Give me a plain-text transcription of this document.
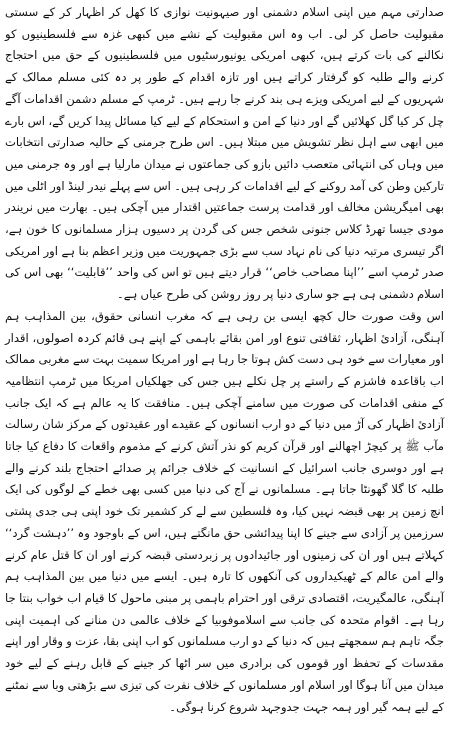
صدارتی مہم میں اپنی اسلام دشمنی اور صیہونیت نوازی کا کھل کر اظہار کر کے سستی مقبولیت حاصل کر لی۔ اب وہ اس مقبولیت کے نشے میں کبھی غزہ سے فلسطینیوں کو نکالنے کی بات کرتے ہیں، کبھی امریکی یونیورسٹیوں میں فلسطینیوں کے حق میں احتجاج کرنے والے طلبہ کو گرفتار کراتے ہیں اور تازہ اقدام کے طور پر دہ کئی مسلم ممالک کے شہریوں کے لیے امریکی ویزے ہی بند کرنے جا رہے ہیں۔ ٹرمپ کے مسلم دشمن اقدامات آگے چل کر کیا گل کھلائیں گے اور دنیا کے امن و استحکام کے لیے کیا مسائل پیدا کریں گے، اس بارے میں ابھی سے اہل نظر تشویش میں مبتلا ہیں۔ اس طرح جرمنی کے حالیہ صدارتی انتخابات میں وہاں کی انتہائی متعصب دائیں بازو کی جماعتوں نے میدان مارلیا ہے اور وہ جرمنی میں تارکین وطن کی آمد روکنے کے لیے اقدامات کر رہی ہیں۔ اس سے پہلے نیدر لینڈ اور اٹلی میں بھی امیگریشن مخالف اور قدامت پرست جماعتیں اقتدار میں آچکی ہیں۔ بھارت میں نریندر مودی جیسا تھرڈ کلاس جنونی شخص جس کی گردن پر دسیوں ہزار مسلمانوں کا خون ہے، اگر تیسری مرتبہ دنیا کی نام نہاد سب سے بڑی جمہوریت میں وزیر اعظم بنا ہے اور امریکی صدر ٹرمپ اسے ’’اپنا مصاحب خاص‘‘ قرار دیتے ہیں تو اس کی واحد ’’قابلیت‘‘ بھی اس کی اسلام دشمنی ہی ہے جو ساری دنیا پر روز روشن کی طرح عیاں ہے۔

اس وقت صورت حال کچھ ایسی بن رہی ہے کہ مغرب انسانی حقوق، بین المذاہب ہم آہنگی، آزادیٔ اظہار، ثقافتی تنوع اور امن بقائے باہمی کے اپنے ہی قائم کردہ اصولوں، اقدار اور معیارات سے خود ہی دست کش ہوتا جا رہا ہے اور امریکا سمیت بہت سے مغربی ممالک اب باقاعدہ فاشزم کے راستے پر چل نکلے ہیں جس کی جھلکیاں امریکا میں ٹرمپ انتظامیہ کے منفی اقدامات کی صورت میں سامنے آچکی ہیں۔ منافقت کا یہ عالم ہے کہ ایک جانب آزادیٔ اظہار کی آڑ میں دنیا کے دو ارب انسانوں کے عقیدے اور عقیدتوں کے مرکز شان رسالت مآب ﷺ پر کیچڑ اچھالنے اور قرآن کریم کو نذر آتش کرنے کے مذموم واقعات کا دفاع کیا جاتا ہے اور دوسری جانب اسرائیل کے انسانیت کے خلاف جرائم پر صدائے احتجاج بلند کرنے والے طلبہ کا گلا گھونٹا جاتا ہے۔ مسلمانوں نے آج کی دنیا میں کسی بھی خطے کے لوگوں کی ایک انچ زمین پر بھی قبضہ نہیں کیا، وہ فلسطین سے لے کر کشمیر تک خود اپنی ہی جدی پشتی سرزمین پر آزادی سے جینے کا اپنا پیدائشی حق مانگتے ہیں، اس کے باوجود وہ ’’دہشت گرد‘‘ کہلاتے ہیں اور ان کی زمینوں اور جائیدادوں پر زبردستی قبضہ کرنے اور ان کا قتل عام کرنے والے امن عالم کے ٹھیکیداروں کی آنکھوں کا تارہ ہیں۔ ایسے میں دنیا میں بین المذاہب ہم آہنگی، عالمگیریت، اقتصادی ترقی اور احترام باہمی پر مبنی ماحول کا قیام اب خواب بنتا جا رہا ہے۔ اقوام متحدہ کی جانب سے اسلاموفوبیا کے خلاف عالمی دن منانے کی اہمیت اپنی جگہ تاہم ہم سمجھتے ہیں کہ دنیا کے دو ارب مسلمانوں کو اب اپنی بقا، عزت و وقار اور اپنے مقدسات کے تحفظ اور قوموں کی برادری میں سر اٹھا کر جینے کے قابل رہنے کے لیے خود میدان میں آنا ہوگا اور اسلام اور مسلمانوں کے خلاف نفرت کی تیزی سے بڑھتی وبا سے نمٹنے کے لیے ہمہ گیر اور ہمہ جہت جدوجہد شروع کرنا ہوگی۔
